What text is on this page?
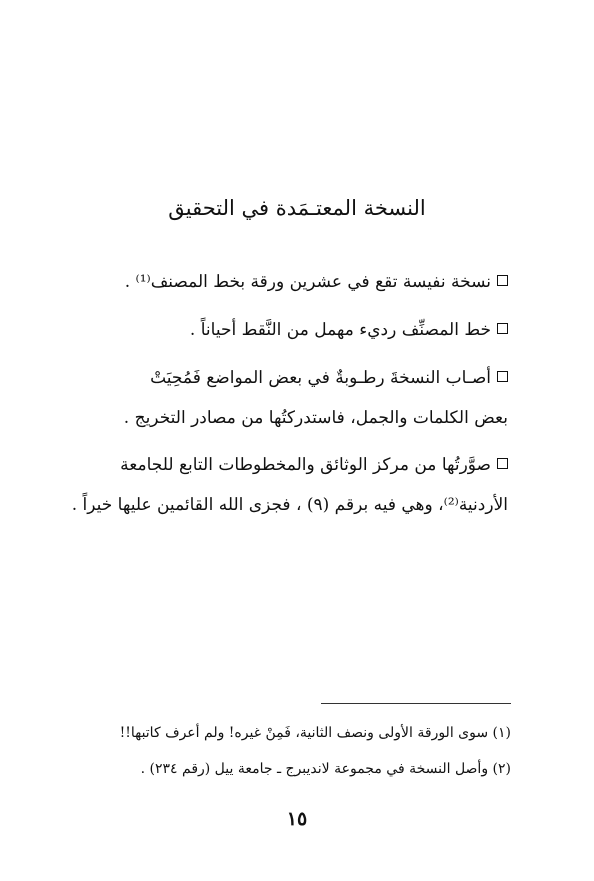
النسخة المعتـمَدة في التحقيق
نسخة نفيسة تقع في عشرين ورقة بخط المصنف⁽¹⁾ .
خط المصنِّف رديء مهمل من النَّقط أحياناً .
أصـاب النسخةَ رطـوبةٌ في بعض المواضع فَمُحِيَتْ
بعض الكلمات والجمل، فاستدركتُها من مصادر التخريج .
صوَّرتُها من مركز الوثائق والمخطوطات التابع للجامعة
الأردنية⁽²⁾، وهي فيه برقم (٩) ، فجزى الله القائمين عليها خيراً .
(١) سوى الورقة الأولى ونصف الثانية، فَمِنْ غيره! ولم أعرف كاتبها!!
(٢) وأصل النسخة في مجموعة لانديبرج ـ جامعة ييل (رقم ٢٣٤) .
١٥
